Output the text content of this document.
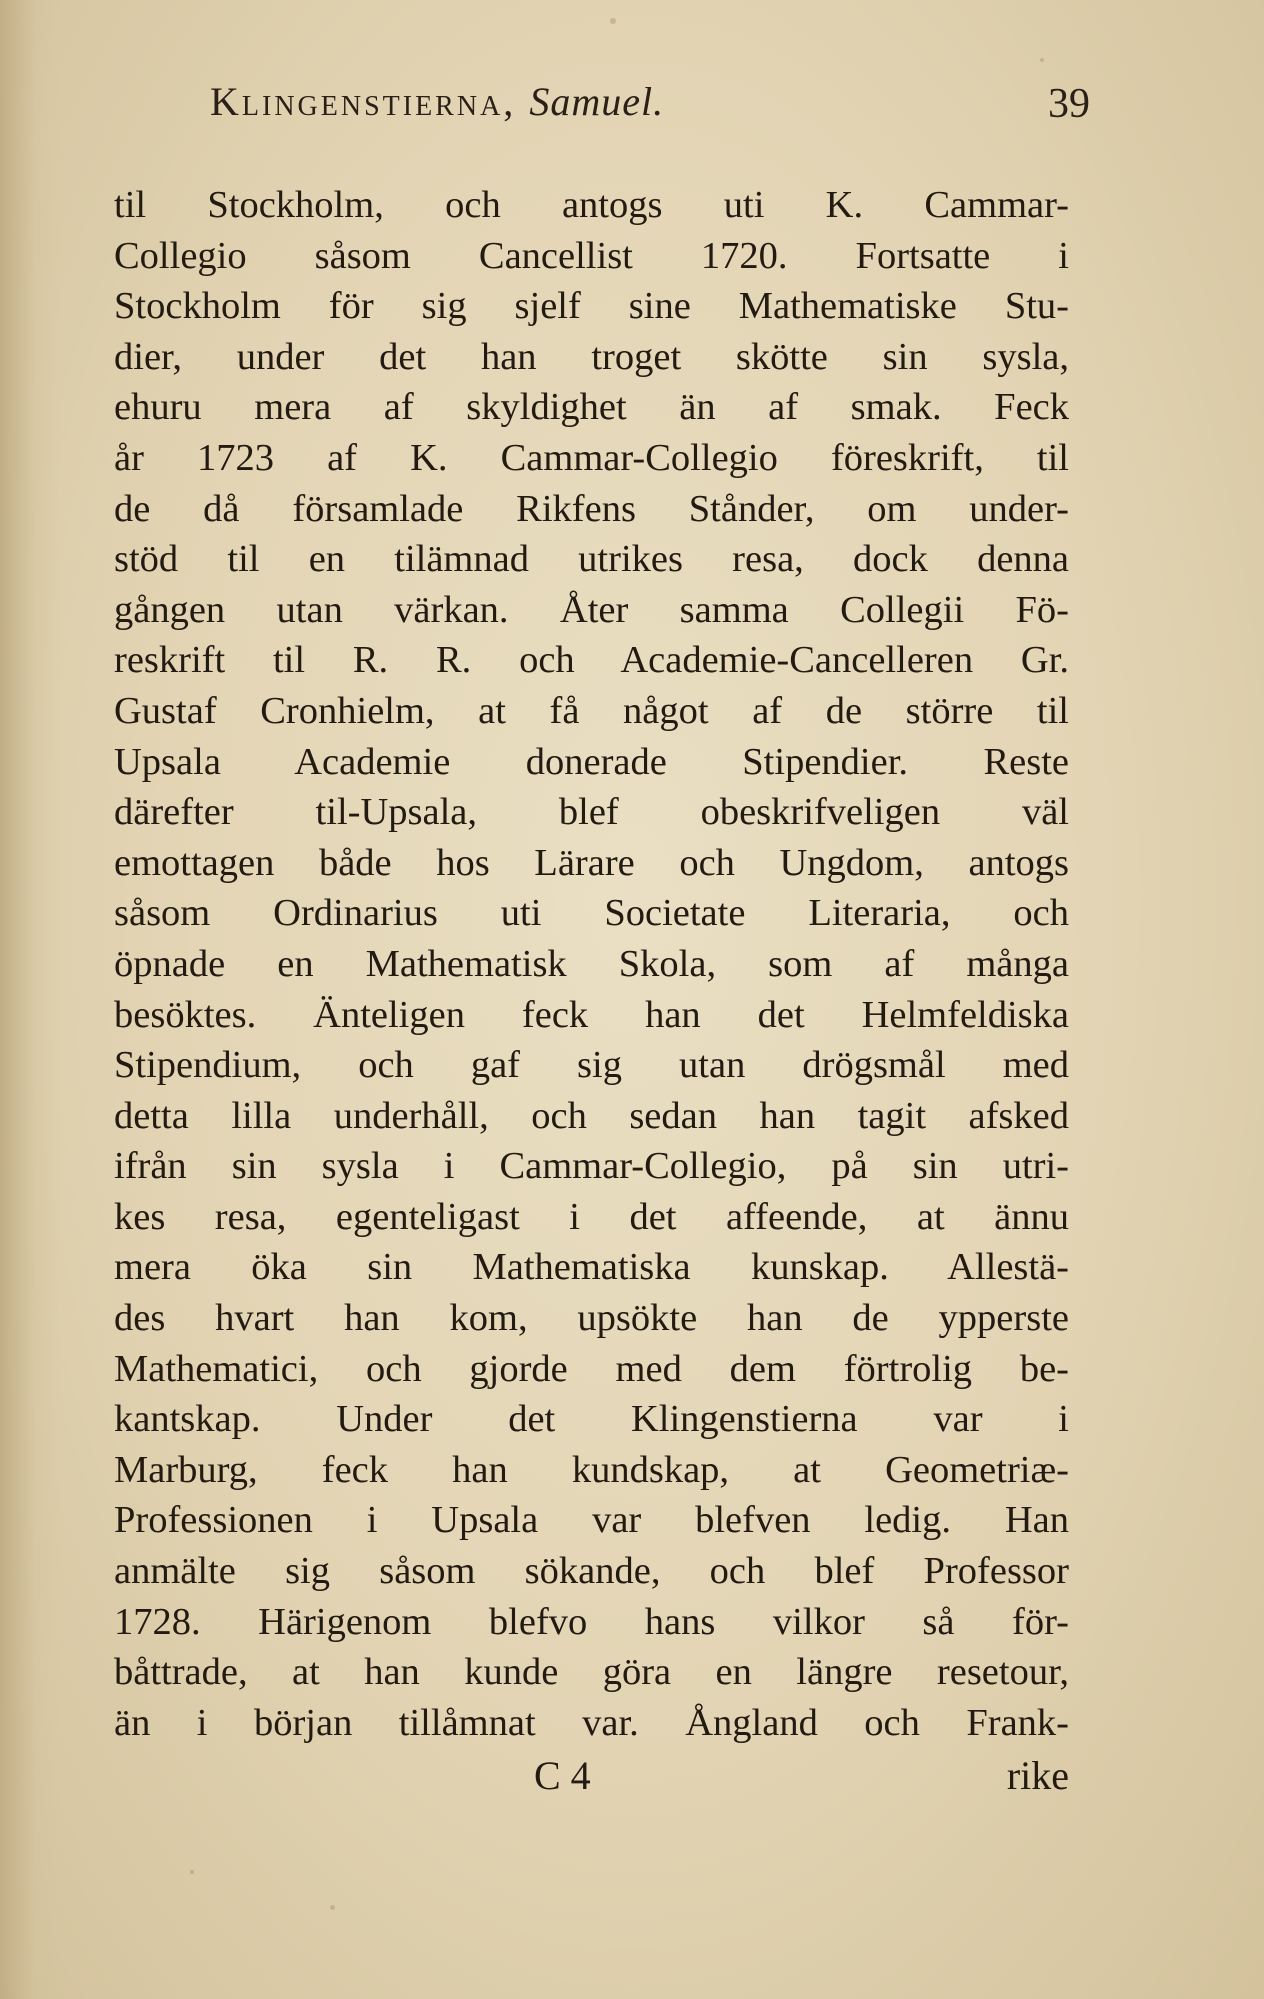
Klingenstierna, Samuel.	39
til Stockholm, och antogs uti K. Cammar-
Collegio såsom Cancellist 1720. Fortsatte i
Stockholm för sig sjelf sine Mathematiske Stu-
dier, under det han troget skötte sin sysla,
ehuru mera af skyldighet än af smak. Feck
år 1723 af K. Cammar-Collegio föreskrift, til
de då församlade Rikfens Stånder, om under-
stöd til en tilämnad utrikes resa, dock denna
gången utan värkan. Åter samma Collegii Fö-
reskrift til R. R. och Academie-Cancelleren Gr.
Gustaf Cronhielm, at få något af de större til
Upsala Academie donerade Stipendier. Reste
därefter til-Upsala, blef obeskrifveligen väl
emottagen både hos Lärare och Ungdom, antogs
såsom Ordinarius uti Societate Literaria, och
öpnade en Mathematisk Skola, som af många
besöktes. Änteligen feck han det Helmfeldiska
Stipendium, och gaf sig utan drögsmål med
detta lilla underhåll, och sedan han tagit afsked
ifrån sin sysla i Cammar-Collegio, på sin utri-
kes resa, egenteligast i det affeende, at ännu
mera öka sin Mathematiska kunskap. Allestä-
des hvart han kom, upsökte han de ypperste
Mathematici, och gjorde med dem förtrolig be-
kantskap. Under det Klingenstierna var i
Marburg, feck han kundskap, at Geometriæ-
Professionen i Upsala var blefven ledig. Han
anmälte sig såsom sökande, och blef Professor
1728. Härigenom blefvo hans vilkor så för-
båttrade, at han kunde göra en längre resetour,
än i början tillåmnat var. Ångland och Frank-
C 4	rike
